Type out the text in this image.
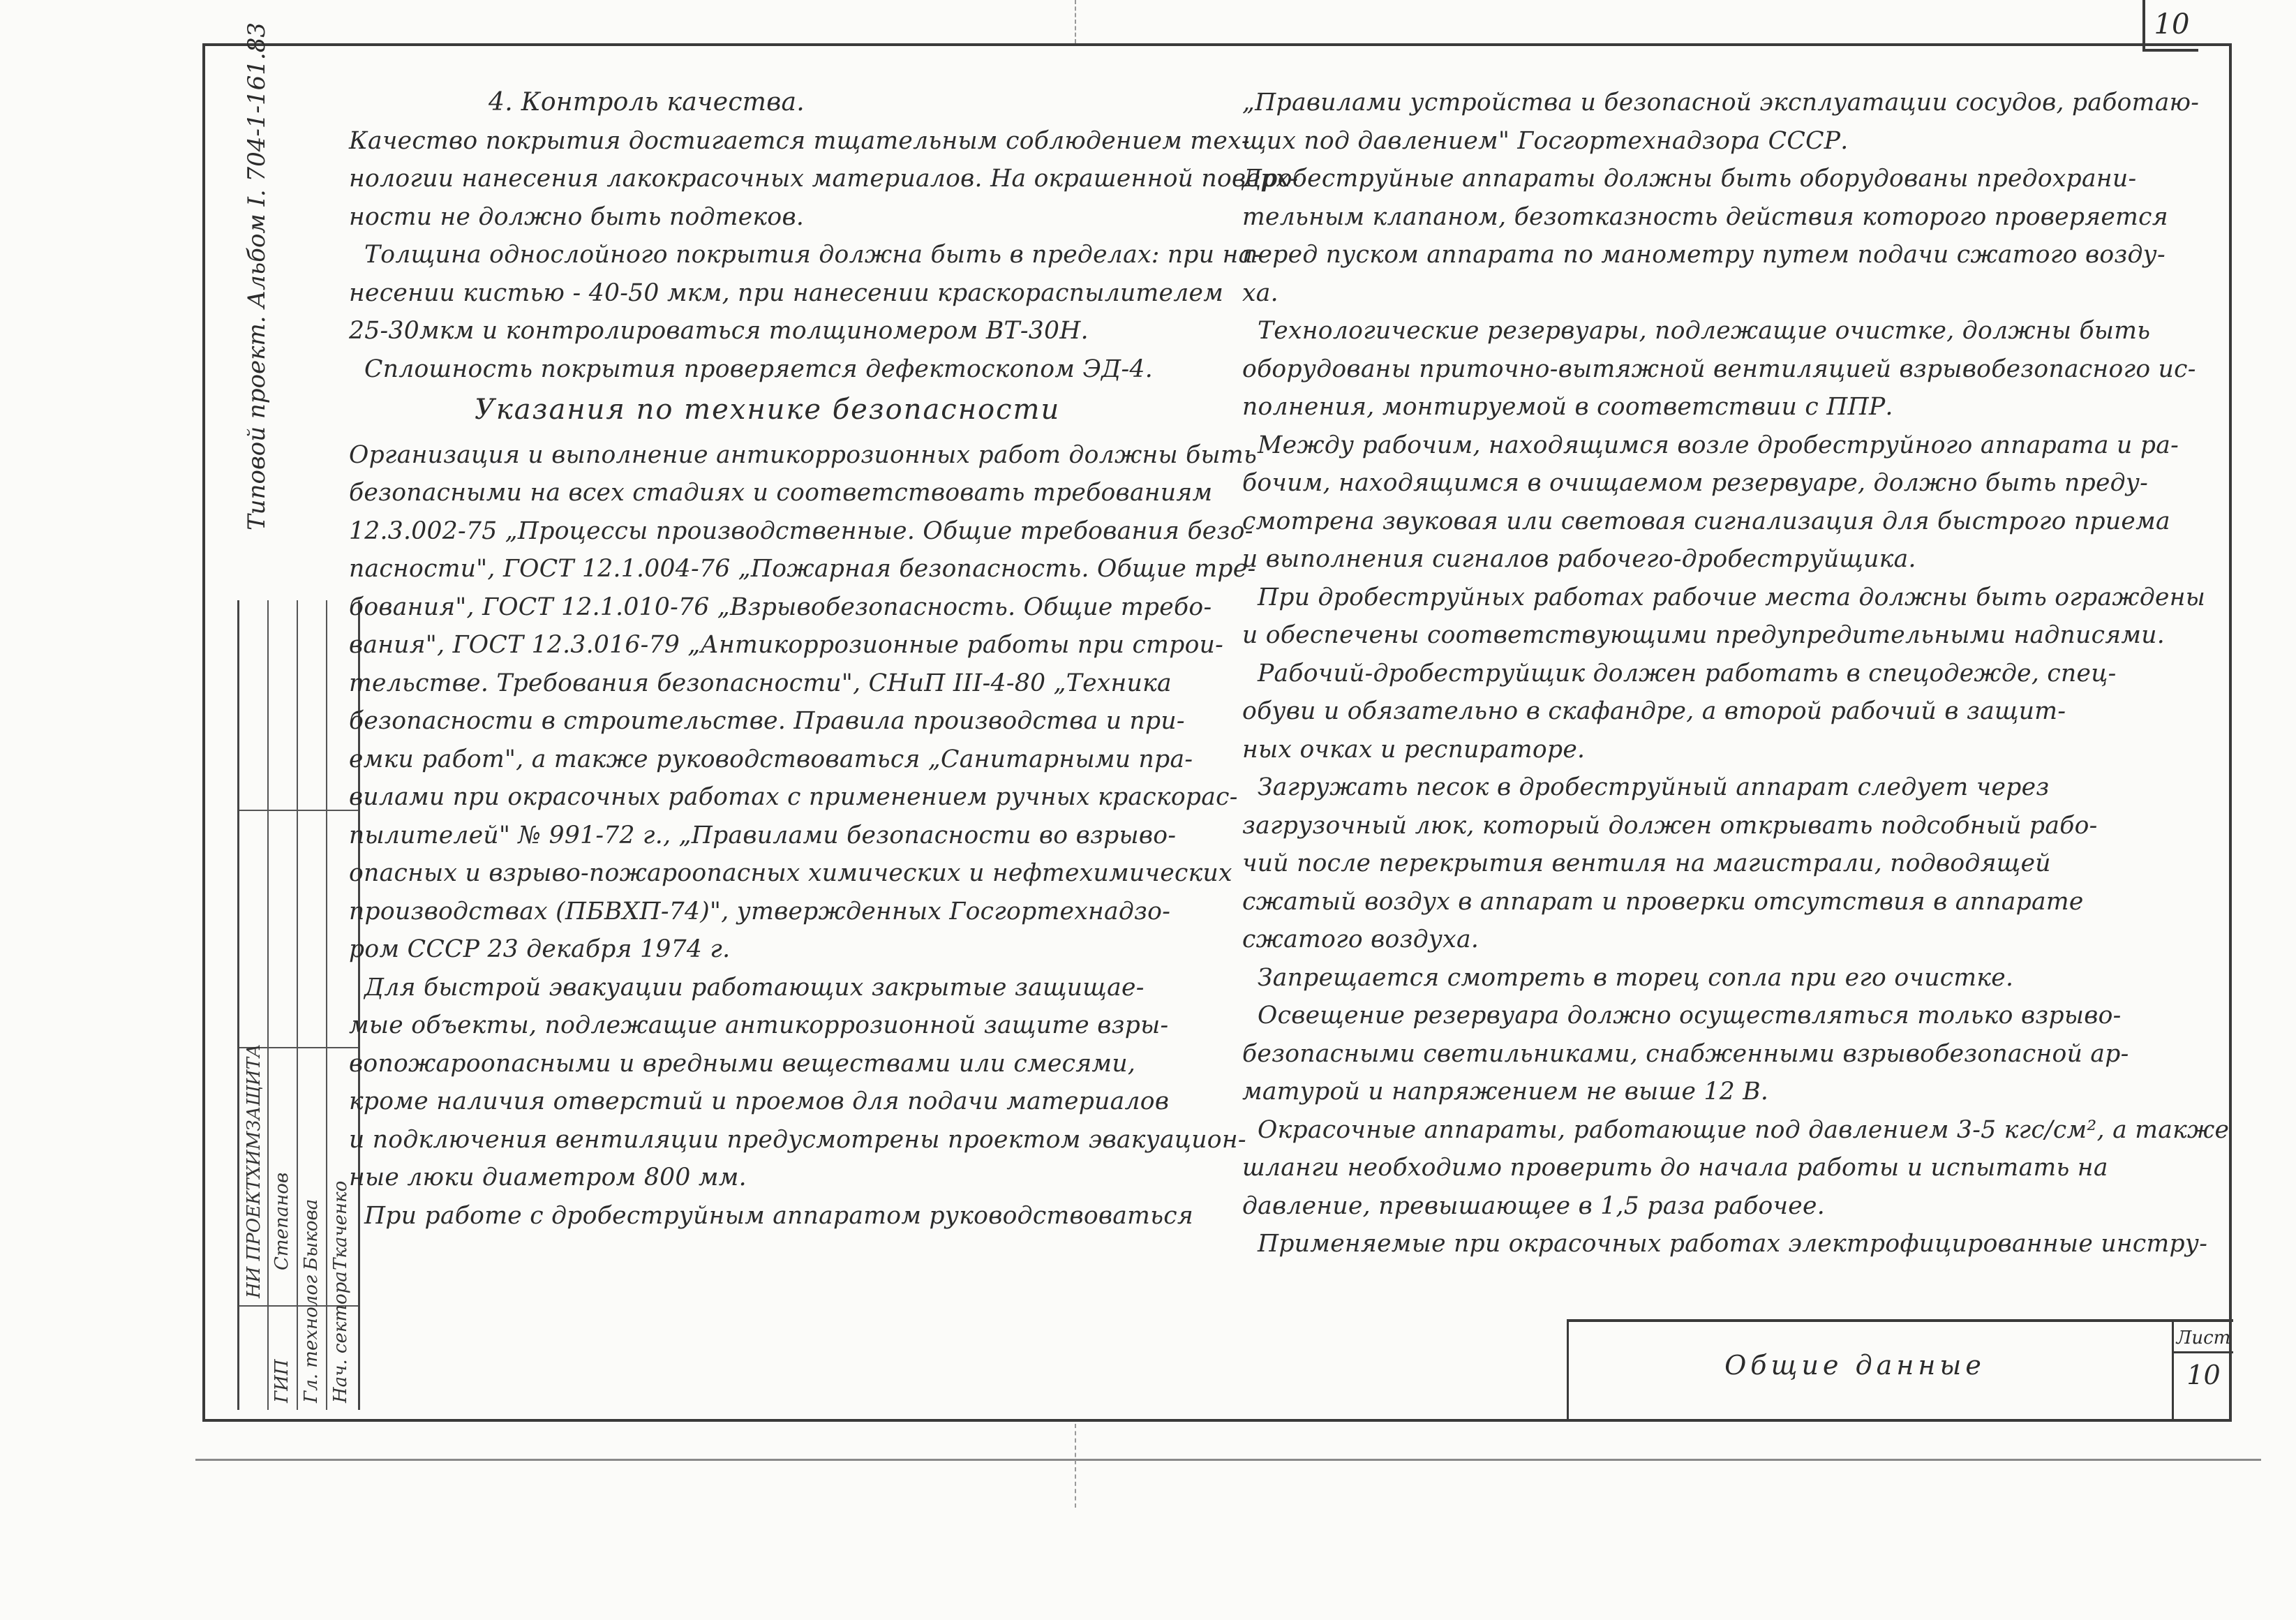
10
Типовой проект. Альбом I. 704-1-161.83
НИ ПРОЕКТХИМЗАЩИТА
ГИП
Степанов
Гл. технолог
Быкова
Нач. сектора
Ткаченко

4. Контроль качества.

Качество покрытия достигается тщательным соблюдением тех-

нологии нанесения лакокрасочных материалов. На окрашенной поверх-

ности не должно быть подтеков.

Толщина однослойного покрытия должна быть в пределах: при на-

несении кистью - 40-50 мкм, при нанесении краскораспылителем

25-30мкм и контролироваться толщиномером ВТ-30Н.

Сплошность покрытия проверяется дефектоскопом ЭД-4.

Указания по технике безопасности

Организация и выполнение антикоррозионных работ должны быть

безопасными на всех стадиях и соответствовать требованиям

12.3.002-75 „Процессы производственные. Общие требования безо-

пасности", ГОСТ 12.1.004-76 „Пожарная безопасность. Общие тре-

бования", ГОСТ 12.1.010-76 „Взрывобезопасность. Общие требо-

вания", ГОСТ 12.3.016-79 „Антикоррозионные работы при строи-

тельстве. Требования безопасности", СНиП III-4-80 „Техника

безопасности в строительстве. Правила производства и при-

емки работ", а также руководствоваться „Санитарными пра-

вилами при окрасочных работах с применением ручных краскорас-

пылителей" № 991-72 г., „Правилами безопасности во взрыво-

опасных и взрыво-пожароопасных химических и нефтехимических

производствах (ПБВХП-74)", утвержденных Госгортехнадзо-

ром СССР 23 декабря 1974 г.

Для быстрой эвакуации работающих закрытые защищае-

мые объекты, подлежащие антикоррозионной защите взры-

вопожароопасными и вредными веществами или смесями,

кроме наличия отверстий и проемов для подачи материалов

и подключения вентиляции предусмотрены проектом эвакуацион-

ные люки диаметром 800 мм.

При работе с дробеструйным аппаратом руководствоваться

„Правилами устройства и безопасной эксплуатации сосудов, работаю-

щих под давлением" Госгортехнадзора СССР.

Дробеструйные аппараты должны быть оборудованы предохрани-

тельным клапаном, безотказность действия которого проверяется

перед пуском аппарата по манометру путем подачи сжатого возду-

ха.

Технологические резервуары, подлежащие очистке, должны быть

оборудованы приточно-вытяжной вентиляцией взрывобезопасного ис-

полнения, монтируемой в соответствии с ППР.

Между рабочим, находящимся возле дробеструйного аппарата и ра-

бочим, находящимся в очищаемом резервуаре, должно быть преду-

смотрена звуковая или световая сигнализация для быстрого приема

и выполнения сигналов рабочего-дробеструйщика.

При дробеструйных работах рабочие места должны быть ограждены

и обеспечены соответствующими предупредительными надписями.

Рабочий-дробеструйщик должен работать в спецодежде, спец-

обуви и обязательно в скафандре, а второй рабочий в защит-

ных очках и респираторе.

Загружать песок в дробеструйный аппарат следует через

загрузочный люк, который должен открывать подсобный рабо-

чий после перекрытия вентиля на магистрали, подводящей

сжатый воздух в аппарат и проверки отсутствия в аппарате

сжатого воздуха.

Запрещается смотреть в торец сопла при его очистке.

Освещение резервуара должно осуществляться только взрыво-

безопасными светильниками, снабженными взрывобезопасной ар-

матурой и напряжением не выше 12 В.

Окрасочные аппараты, работающие под давлением 3-5 кгс/см², а также

шланги необходимо проверить до начала работы и испытать на

давление, превышающее в 1,5 раза рабочее.

Применяемые при окрасочных работах электрофицированные инстру-

Общие данные
Лист
10
